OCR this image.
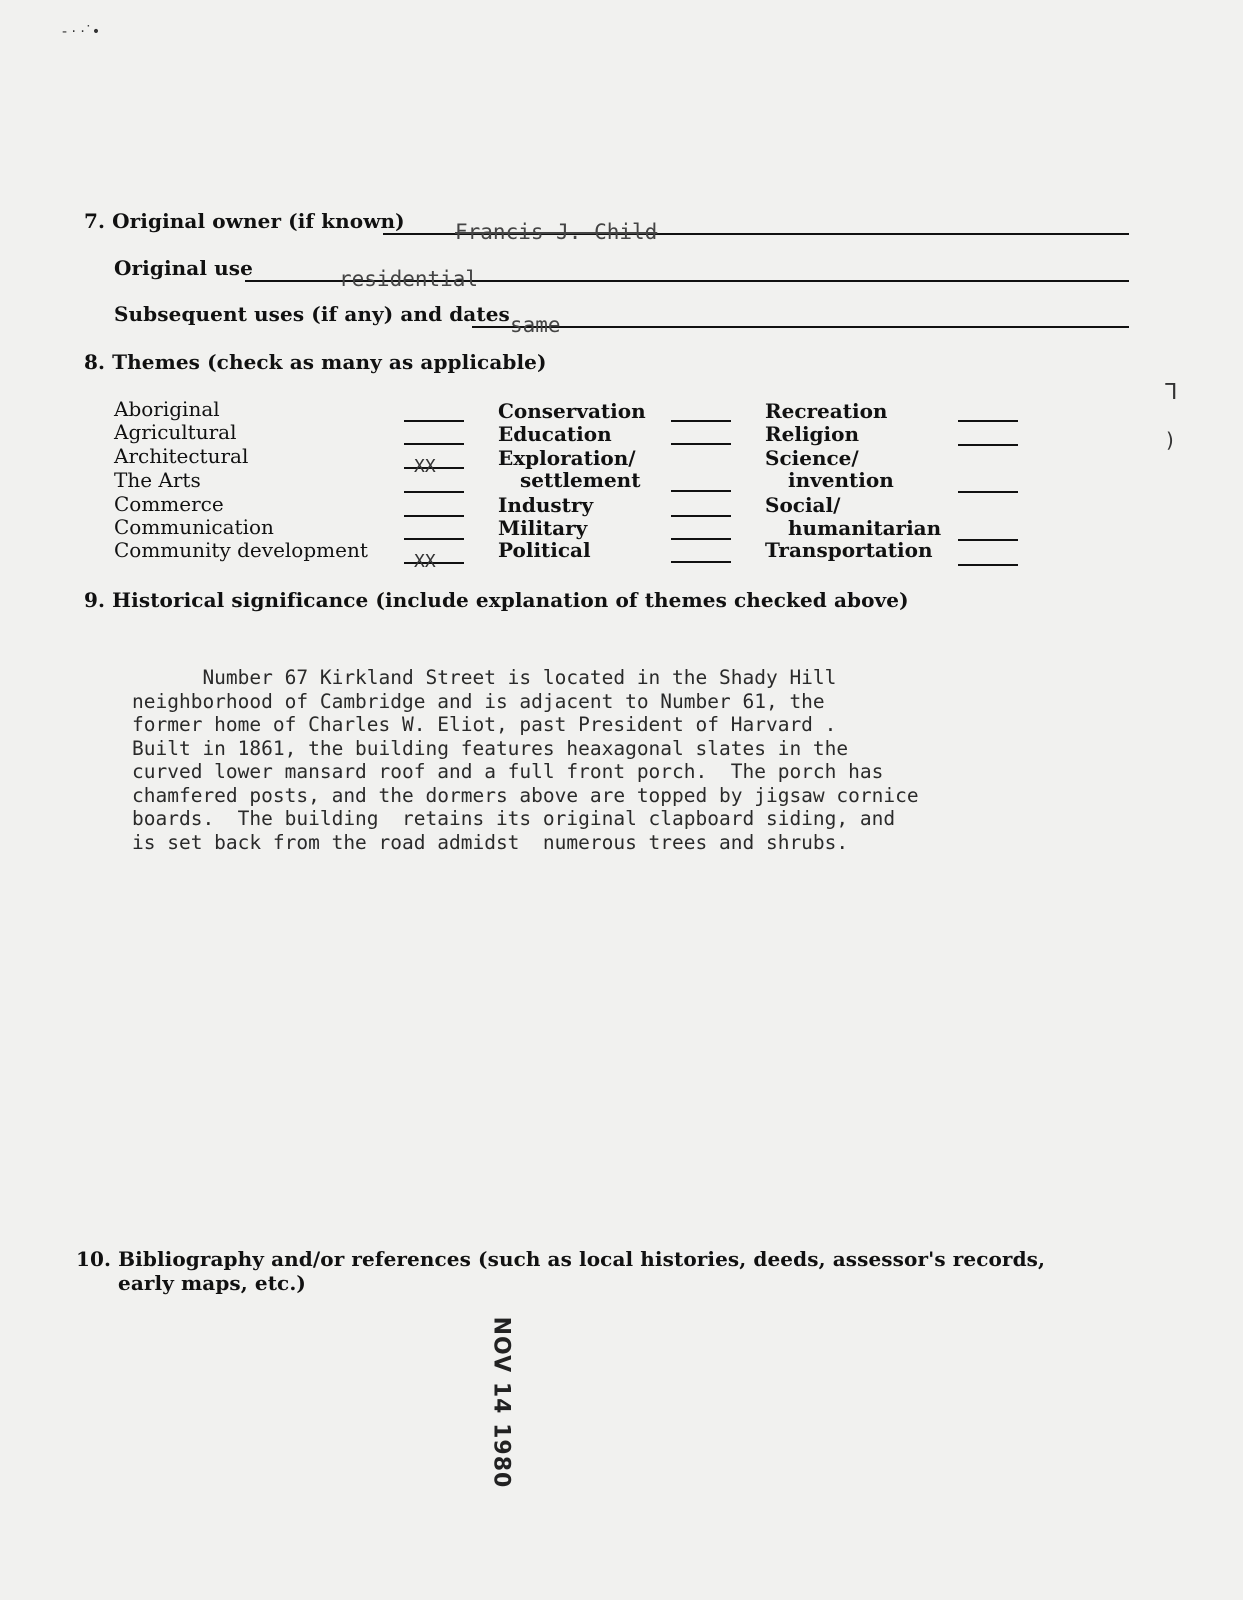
- · ·˙•
ᒣ
)
7. Original owner (if known) Francis J. Child
Original use	residential
Subsequent uses (if any) and dates same
8. Themes (check as many as applicable)
Aboriginal
Agricultural
Architectural
The Arts
Commerce
Communication
Community development
XX
XX
Conservation
Education
Exploration/
settlement
Industry
Military
Political
Recreation
Religion
Science/
invention
Social/
humanitarian
Transportation
9. Historical significance (include explanation of themes checked above)
Number 67 Kirkland Street is located in the Shady Hill
neighborhood of Cambridge and is adjacent to Number 61, the
former home of Charles W. Eliot, past President of Harvard .
Built in 1861, the building features heaxagonal slates in the
curved lower mansard roof and a full front porch.  The porch has
chamfered posts, and the dormers above are topped by jigsaw cornice
boards.  The building  retains its original clapboard siding, and
is set back from the road admidst  numerous trees and shrubs.
10. Bibliography and/or references (such as local histories, deeds, assessor's records,
early maps, etc.)
NOV 14 1980
